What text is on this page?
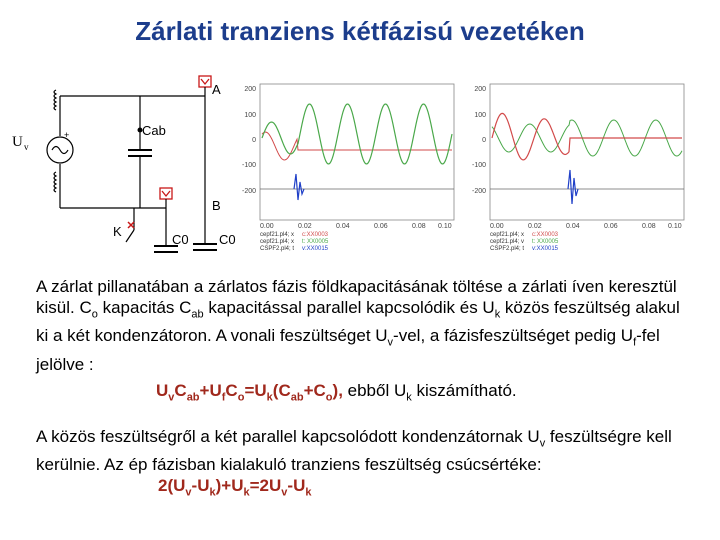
Zárlati tranziens kétfázisú vezetéken
+
A
Cab
B
K
C0 C0
U v
200
100
0
-100
-200
0.00	0.02	0.04	0.06	0.08 0.10
cepf21.pl4; x c:XX0003
cepf21.pl4; x t: XX0005
CSPF2.pl4; t v:XX0015
200
100
0
-100
-200
0.00	0.02	0.04	0.06	0.08 0.10
cepf21.pl4; x c:XX0003
cepf21.pl4; v t: XX0005
CSPF2.pl4; t v:XX0015
A zárlat pillanatában a zárlatos fázis földkapacitásának töltése a zárlati íven keresztül kisül. $C_o$ kapacitás $C_{ab}$ kapacitással parallel kapcsolódik és $U_k$ közös feszültség alakul ki a két kondenzátoron. A vonali feszültséget $U_v$-vel, a fázisfeszültséget pedig $U_f$-fel jelölve :
$U_vC_{ab}+U_fC_o=U_k(C_{ab}+C_o)$, ebből $U_k$ kiszámítható.
A közös feszültségről a két parallel kapcsolódott kondenzátornak $U_v$ feszültségre kell kerülnie. Az ép fázisban kialakuló tranziens feszültség csúcsértéke:
$2(U_v-U_k)+U_k=2U_v-U_k$
